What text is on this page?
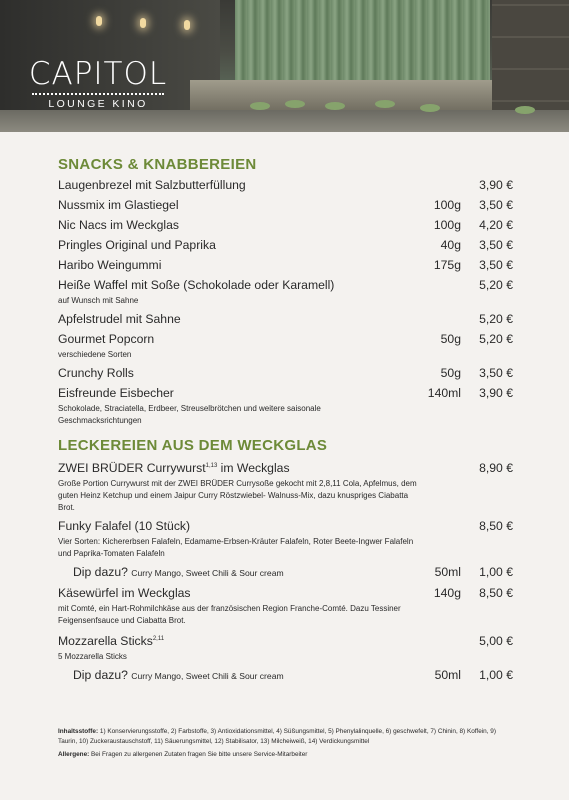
CAPITOL
LOUNGE KINO
SNACKS & KNABBEREIEN
Laugenbrezel mit Salzbutterfüllung	3,90 €
Nussmix im Glastiegel	100g	3,50 €
Nic Nacs im Weckglas	100g	4,20 €
Pringles Original und Paprika	40g	3,50 €
Haribo Weingummi	175g	3,50 €
Heiße Waffel mit Soße (Schokolade oder Karamell)	5,20 €
auf Wunsch mit Sahne
Apfelstrudel mit Sahne	5,20 €
Gourmet Popcorn	50g	5,20 €
verschiedene Sorten
Crunchy Rolls	50g	3,50 €
Eisfreunde Eisbecher	140ml	3,90 €
Schokolade, Straciatella, Erdbeer, Streuselbrötchen und weitere saisonale Geschmacksrichtungen
LECKEREIEN AUS DEM WECKGLAS
ZWEI BRÜDER Currywurst$^{1,13}$ im Weckglas	8,90 €
Große Portion Currywurst mit der ZWEI BRÜDER Currysoße gekocht mit 2,8,11 Cola, Apfelmus, dem guten Heinz Ketchup und einem Jaipur Curry Röstzwiebel- Walnuss-Mix, dazu knuspriges Ciabatta Brot.
Funky Falafel (10 Stück)	8,50 €
Vier Sorten: Kichererbsen Falafeln, Edamame-Erbsen-Kräuter Falafeln, Roter Beete-Ingwer Falafeln und Paprika-Tomaten Falafeln
Dip dazu? Curry Mango, Sweet Chili & Sour cream	50ml	1,00 €
Käsewürfel im Weckglas	140g	8,50 €
mit Comté, ein Hart-Rohmilchkäse aus der französischen Region Franche-Comté. Dazu Tessiner Feigensenfsauce und Ciabatta Brot.
Mozzarella Sticks$^{2,11}$	5,00 €
5 Mozzarella Sticks
Dip dazu? Curry Mango, Sweet Chili & Sour cream	50ml	1,00 €
Inhaltsstoffe: 1) Konservierungsstoffe, 2) Farbstoffe, 3) Antioxidationsmittel, 4) Süßungsmittel, 5) Phenylalinquelle, 6) geschwefelt, 7) Chinin, 8) Koffein, 9) Taurin, 10) Zuckeraustauschstoff, 11) Säuerungsmittel, 12) Stabilisator, 13) Milcheiweiß, 14) Verdickungsmittel
Allergene: Bei Fragen zu allergenen Zutaten fragen Sie bitte unsere Service-Mitarbeiter
